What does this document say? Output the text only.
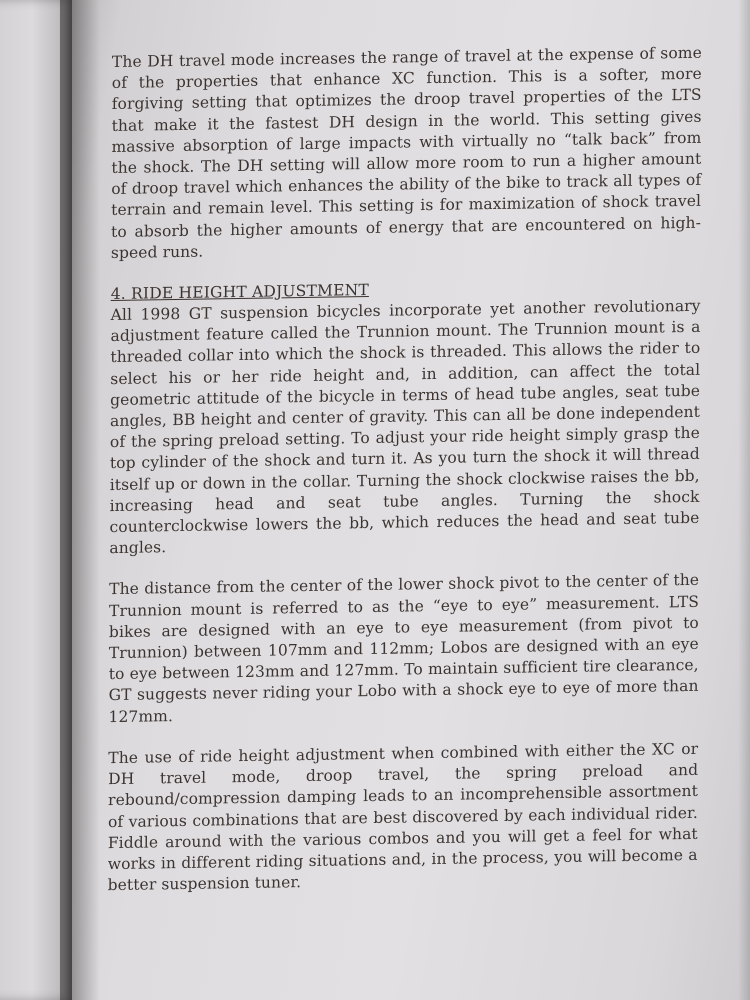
The DH travel mode increases the range of travel at the expense of some of the properties that enhance XC function. This is a softer, more forgiving setting that optimizes the droop travel properties of the LTS that make it the fastest DH design in the world. This setting gives massive absorption of large impacts with virtually no “talk back” from the shock. The DH setting will allow more room to run a higher amount of droop travel which enhances the ability of the bike to track all types of terrain and remain level. This setting is for maximization of shock travel to absorb the higher amounts of energy that are encountered on high-speed runs.

4. RIDE HEIGHT ADJUSTMENT

All 1998 GT suspension bicycles incorporate yet another revolutionary adjustment feature called the Trunnion mount. The Trunnion mount is a threaded collar into which the shock is threaded. This allows the rider to select his or her ride height and, in addition, can affect the total geometric attitude of the bicycle in terms of head tube angles, seat tube angles, BB height and center of gravity. This can all be done independent of the spring preload setting. To adjust your ride height simply grasp the top cylinder of the shock and turn it. As you turn the shock it will thread itself up or down in the collar. Turning the shock clockwise raises the bb, increasing head and seat tube angles. Turning the shock counterclockwise lowers the bb, which reduces the head and seat tube angles.

The distance from the center of the lower shock pivot to the center of the Trunnion mount is referred to as the “eye to eye” measurement. LTS bikes are designed with an eye to eye measurement (from pivot to Trunnion) between 107mm and 112mm; Lobos are designed with an eye to eye between 123mm and 127mm. To maintain sufficient tire clearance, GT suggests never riding your Lobo with a shock eye to eye of more than 127mm.

The use of ride height adjustment when combined with either the XC or DH travel mode, droop travel, the spring preload and rebound/compression damping leads to an incomprehensible assortment of various combinations that are best discovered by each individual rider. Fiddle around with the various combos and you will get a feel for what works in different riding situations and, in the process, you will become a better suspension tuner.
